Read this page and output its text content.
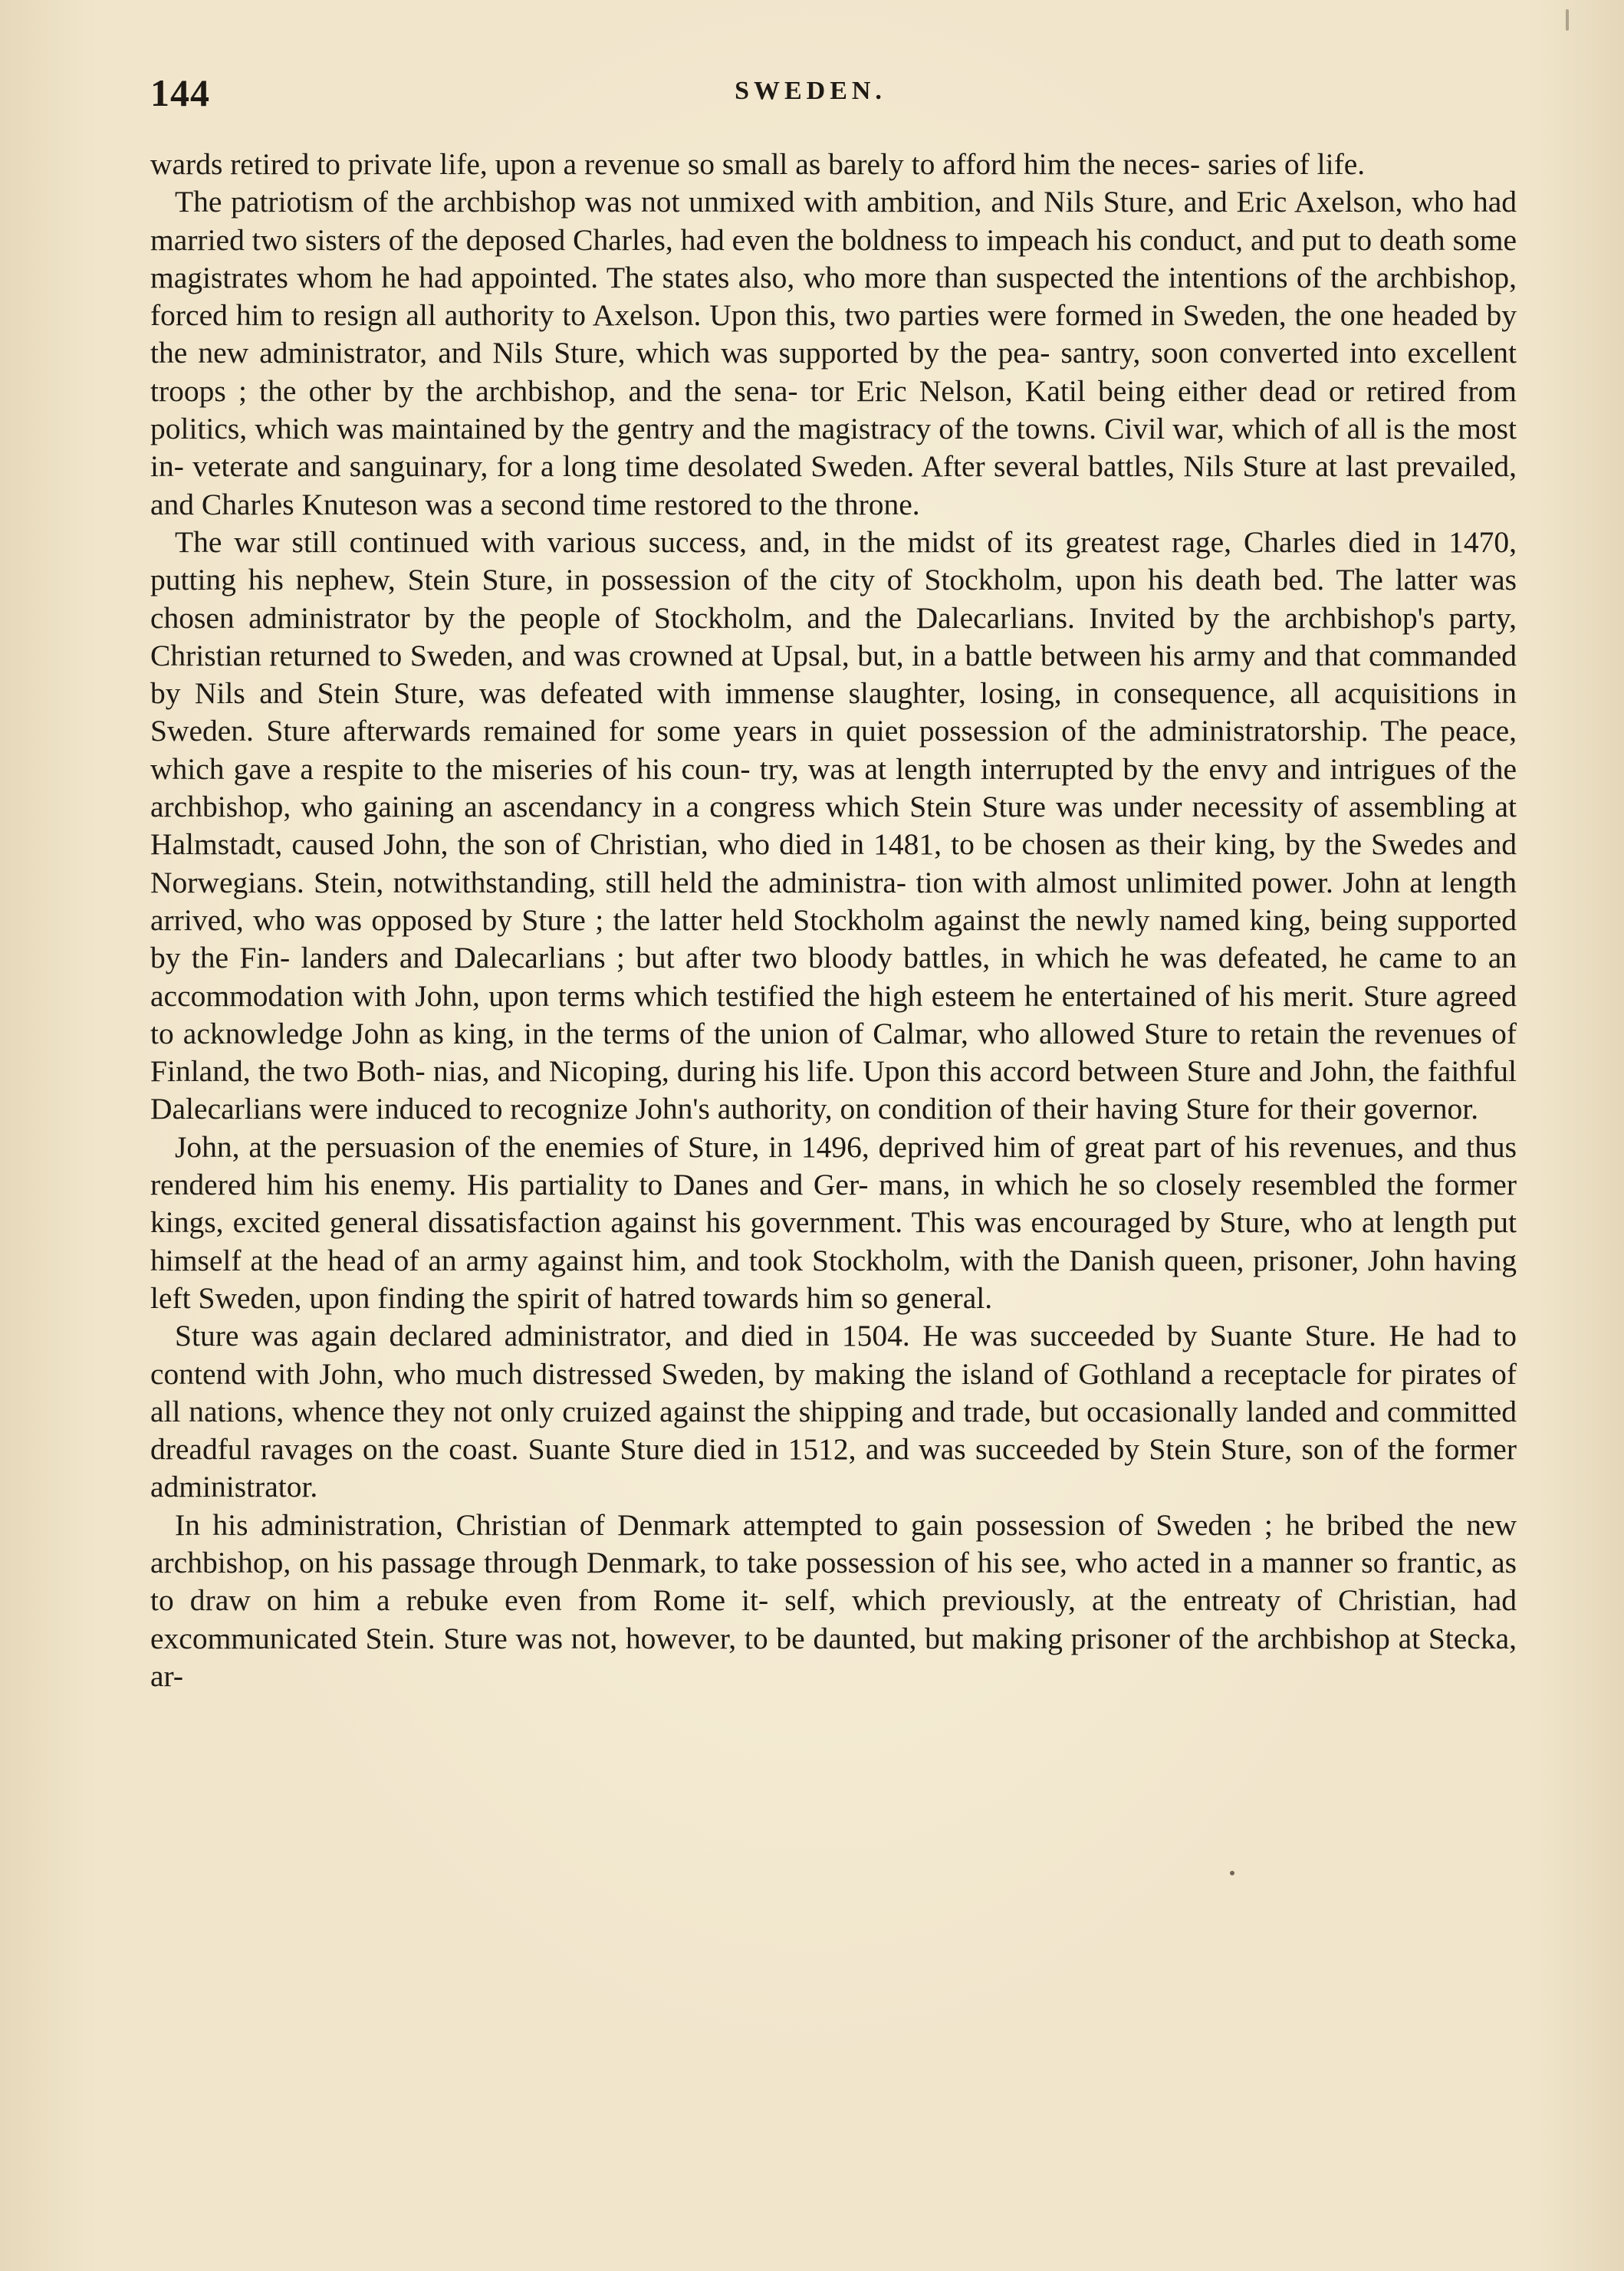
144	SWEDEN.

wards retired to private life, upon a revenue so small as barely to afford him the neces- saries of life.

The patriotism of the archbishop was not unmixed with ambition, and Nils Sture, and Eric Axelson, who had married two sisters of the deposed Charles, had even the boldness to impeach his conduct, and put to death some magistrates whom he had appointed. The states also, who more than suspected the intentions of the archbishop, forced him to resign all authority to Axelson. Upon this, two parties were formed in Sweden, the one headed by the new administrator, and Nils Sture, which was supported by the pea- santry, soon converted into excellent troops ; the other by the archbishop, and the sena- tor Eric Nelson, Katil being either dead or retired from politics, which was maintained by the gentry and the magistracy of the towns. Civil war, which of all is the most in- veterate and sanguinary, for a long time desolated Sweden. After several battles, Nils Sture at last prevailed, and Charles Knuteson was a second time restored to the throne.

The war still continued with various success, and, in the midst of its greatest rage, Charles died in 1470, putting his nephew, Stein Sture, in possession of the city of Stockholm, upon his death bed. The latter was chosen administrator by the people of Stockholm, and the Dalecarlians. Invited by the archbishop's party, Christian returned to Sweden, and was crowned at Upsal, but, in a battle between his army and that commanded by Nils and Stein Sture, was defeated with immense slaughter, losing, in consequence, all acquisitions in Sweden. Sture afterwards remained for some years in quiet possession of the administratorship. The peace, which gave a respite to the miseries of his coun- try, was at length interrupted by the envy and intrigues of the archbishop, who gaining an ascendancy in a congress which Stein Sture was under necessity of assembling at Halmstadt, caused John, the son of Christian, who died in 1481, to be chosen as their king, by the Swedes and Norwegians. Stein, notwithstanding, still held the administra- tion with almost unlimited power. John at length arrived, who was opposed by Sture ; the latter held Stockholm against the newly named king, being supported by the Fin- landers and Dalecarlians ; but after two bloody battles, in which he was defeated, he came to an accommodation with John, upon terms which testified the high esteem he entertained of his merit. Sture agreed to acknowledge John as king, in the terms of the union of Calmar, who allowed Sture to retain the revenues of Finland, the two Both- nias, and Nicoping, during his life. Upon this accord between Sture and John, the faithful Dalecarlians were induced to recognize John's authority, on condition of their having Sture for their governor.

John, at the persuasion of the enemies of Sture, in 1496, deprived him of great part of his revenues, and thus rendered him his enemy. His partiality to Danes and Ger- mans, in which he so closely resembled the former kings, excited general dissatisfaction against his government. This was encouraged by Sture, who at length put himself at the head of an army against him, and took Stockholm, with the Danish queen, prisoner, John having left Sweden, upon finding the spirit of hatred towards him so general.

Sture was again declared administrator, and died in 1504. He was succeeded by Suante Sture. He had to contend with John, who much distressed Sweden, by making the island of Gothland a receptacle for pirates of all nations, whence they not only cruized against the shipping and trade, but occasionally landed and committed dreadful ravages on the coast. Suante Sture died in 1512, and was succeeded by Stein Sture, son of the former administrator.

In his administration, Christian of Denmark attempted to gain possession of Sweden ; he bribed the new archbishop, on his passage through Denmark, to take possession of his see, who acted in a manner so frantic, as to draw on him a rebuke even from Rome it- self, which previously, at the entreaty of Christian, had excommunicated Stein. Sture was not, however, to be daunted, but making prisoner of the archbishop at Stecka, ar-
